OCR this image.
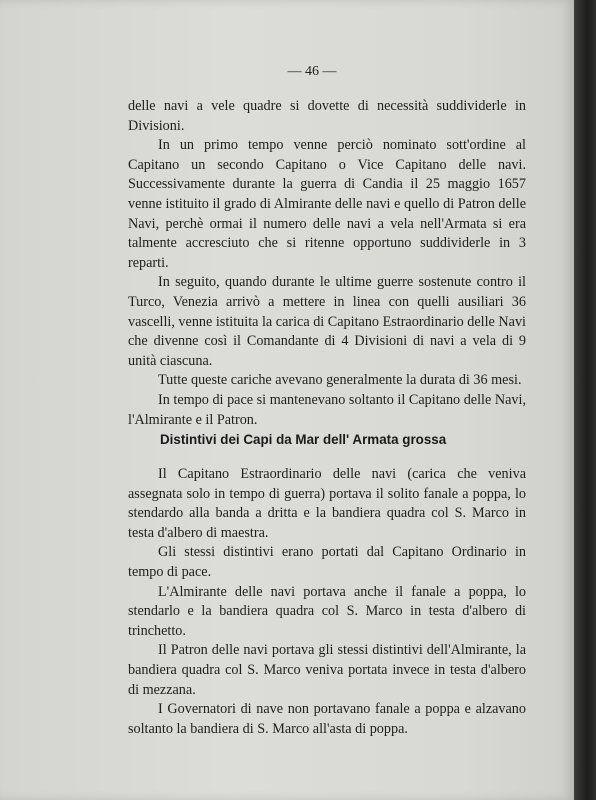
— 46 —

delle navi a vele quadre si dovette di necessità suddividerle in Divisioni.

In un primo tempo venne perciò nominato sott'ordine al Capitano un secondo Capitano o Vice Capitano delle navi. Successivamente durante la guerra di Candia il 25 maggio 1657 venne istituito il grado di Almirante delle navi e quello di Patron delle Navi, perchè ormai il numero delle navi a vela nell'Armata si era talmente accresciuto che si ritenne opportuno suddividerle in 3 reparti.

In seguito, quando durante le ultime guerre sostenute contro il Turco, Venezia arrivò a mettere in linea con quelli ausiliari 36 vascelli, venne istituita la carica di Capitano Estraordinario delle Navi che divenne così il Comandante di 4 Divisioni di navi a vela di 9 unità ciascuna.

Tutte queste cariche avevano generalmente la durata di 36 mesi.

In tempo di pace si mantenevano soltanto il Capitano delle Navi, l'Almirante e il Patron.

Distintivi dei Capi da Mar dell' Armata grossa

Il Capitano Estraordinario delle navi (carica che veniva assegnata solo in tempo di guerra) portava il solito fanale a poppa, lo stendardo alla banda a dritta e la bandiera quadra col S. Marco in testa d'albero di maestra.

Gli stessi distintivi erano portati dal Capitano Ordinario in tempo di pace.

L'Almirante delle navi portava anche il fanale a poppa, lo stendarlo e la bandiera quadra col S. Marco in testa d'albero di trinchetto.

Il Patron delle navi portava gli stessi distintivi dell'Almirante, la bandiera quadra col S. Marco veniva portata invece in testa d'albero di mezzana.

I Governatori di nave non portavano fanale a poppa e alzavano soltanto la bandiera di S. Marco all'asta di poppa.
